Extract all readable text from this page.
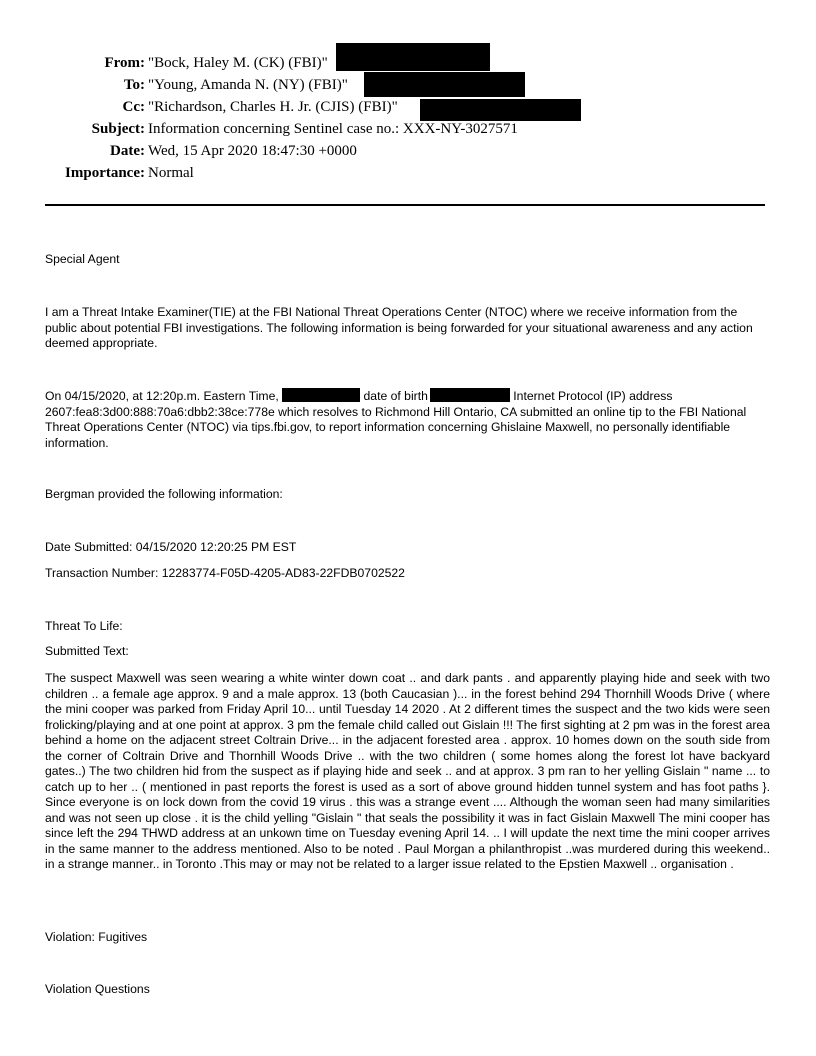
From: "Bock, Haley M. (CK) (FBI)"
To: "Young, Amanda N. (NY) (FBI)"
Cc: "Richardson, Charles H. Jr. (CJIS) (FBI)"
Subject: Information concerning Sentinel case no.: XXX-NY-3027571
Date: Wed, 15 Apr 2020 18:47:30 +0000
Importance: Normal

Special Agent

I am a Threat Intake Examiner(TIE) at the FBI National Threat Operations Center (NTOC) where we receive information from the public about potential FBI investigations. The following information is being forwarded for your situational awareness and any action deemed appropriate.

On 04/15/2020, at 12:20p.m. Eastern Time,	date of birth	Internet Protocol (IP) address 2607:fea8:3d00:888:70a6:dbb2:38ce:778e which resolves to Richmond Hill Ontario, CA submitted an online tip to the FBI National Threat Operations Center (NTOC) via tips.fbi.gov, to report information concerning Ghislaine Maxwell, no personally identifiable information.

Bergman provided the following information:

Date Submitted: 04/15/2020 12:20:25 PM EST

Transaction Number: 12283774-F05D-4205-AD83-22FDB0702522

Threat To Life:

Submitted Text:

The suspect Maxwell was seen wearing a white winter down coat .. and dark pants . and apparently playing hide and seek with two children .. a female age approx. 9 and a male approx. 13 (both Caucasian )... in the forest behind 294 Thornhill Woods Drive ( where the mini cooper was parked from Friday April 10... until Tuesday 14 2020 . At 2 different times the suspect and the two kids were seen frolicking/playing and at one point at approx. 3 pm the female child called out Gislain !!! The first sighting at 2 pm was in the forest area behind a home on the adjacent street Coltrain Drive... in the adjacent forested area . approx. 10 homes down on the south side from the corner of Coltrain Drive and Thornhill Woods Drive .. with the two children ( some homes along the forest lot have backyard gates..) The two children hid from the suspect as if playing hide and seek .. and at approx. 3 pm ran to her yelling Gislain " name ... to catch up to her .. ( mentioned in past reports the forest is used as a sort of above ground hidden tunnel system and has foot paths }. Since everyone is on lock down from the covid 19 virus . this was a strange event .... Although the woman seen had many similarities and was not seen up close . it is the child yelling "Gislain " that seals the possibility it was in fact Gislain Maxwell The mini cooper has since left the 294 THWD address at an unkown time on Tuesday evening April 14. .. I will update the next time the mini cooper arrives in the same manner to the address mentioned. Also to be noted . Paul Morgan a philanthropist ..was murdered during this weekend.. in a strange manner.. in Toronto .This may or may not be related to a larger issue related to the Epstien Maxwell .. organisation .

Violation: Fugitives

Violation Questions
